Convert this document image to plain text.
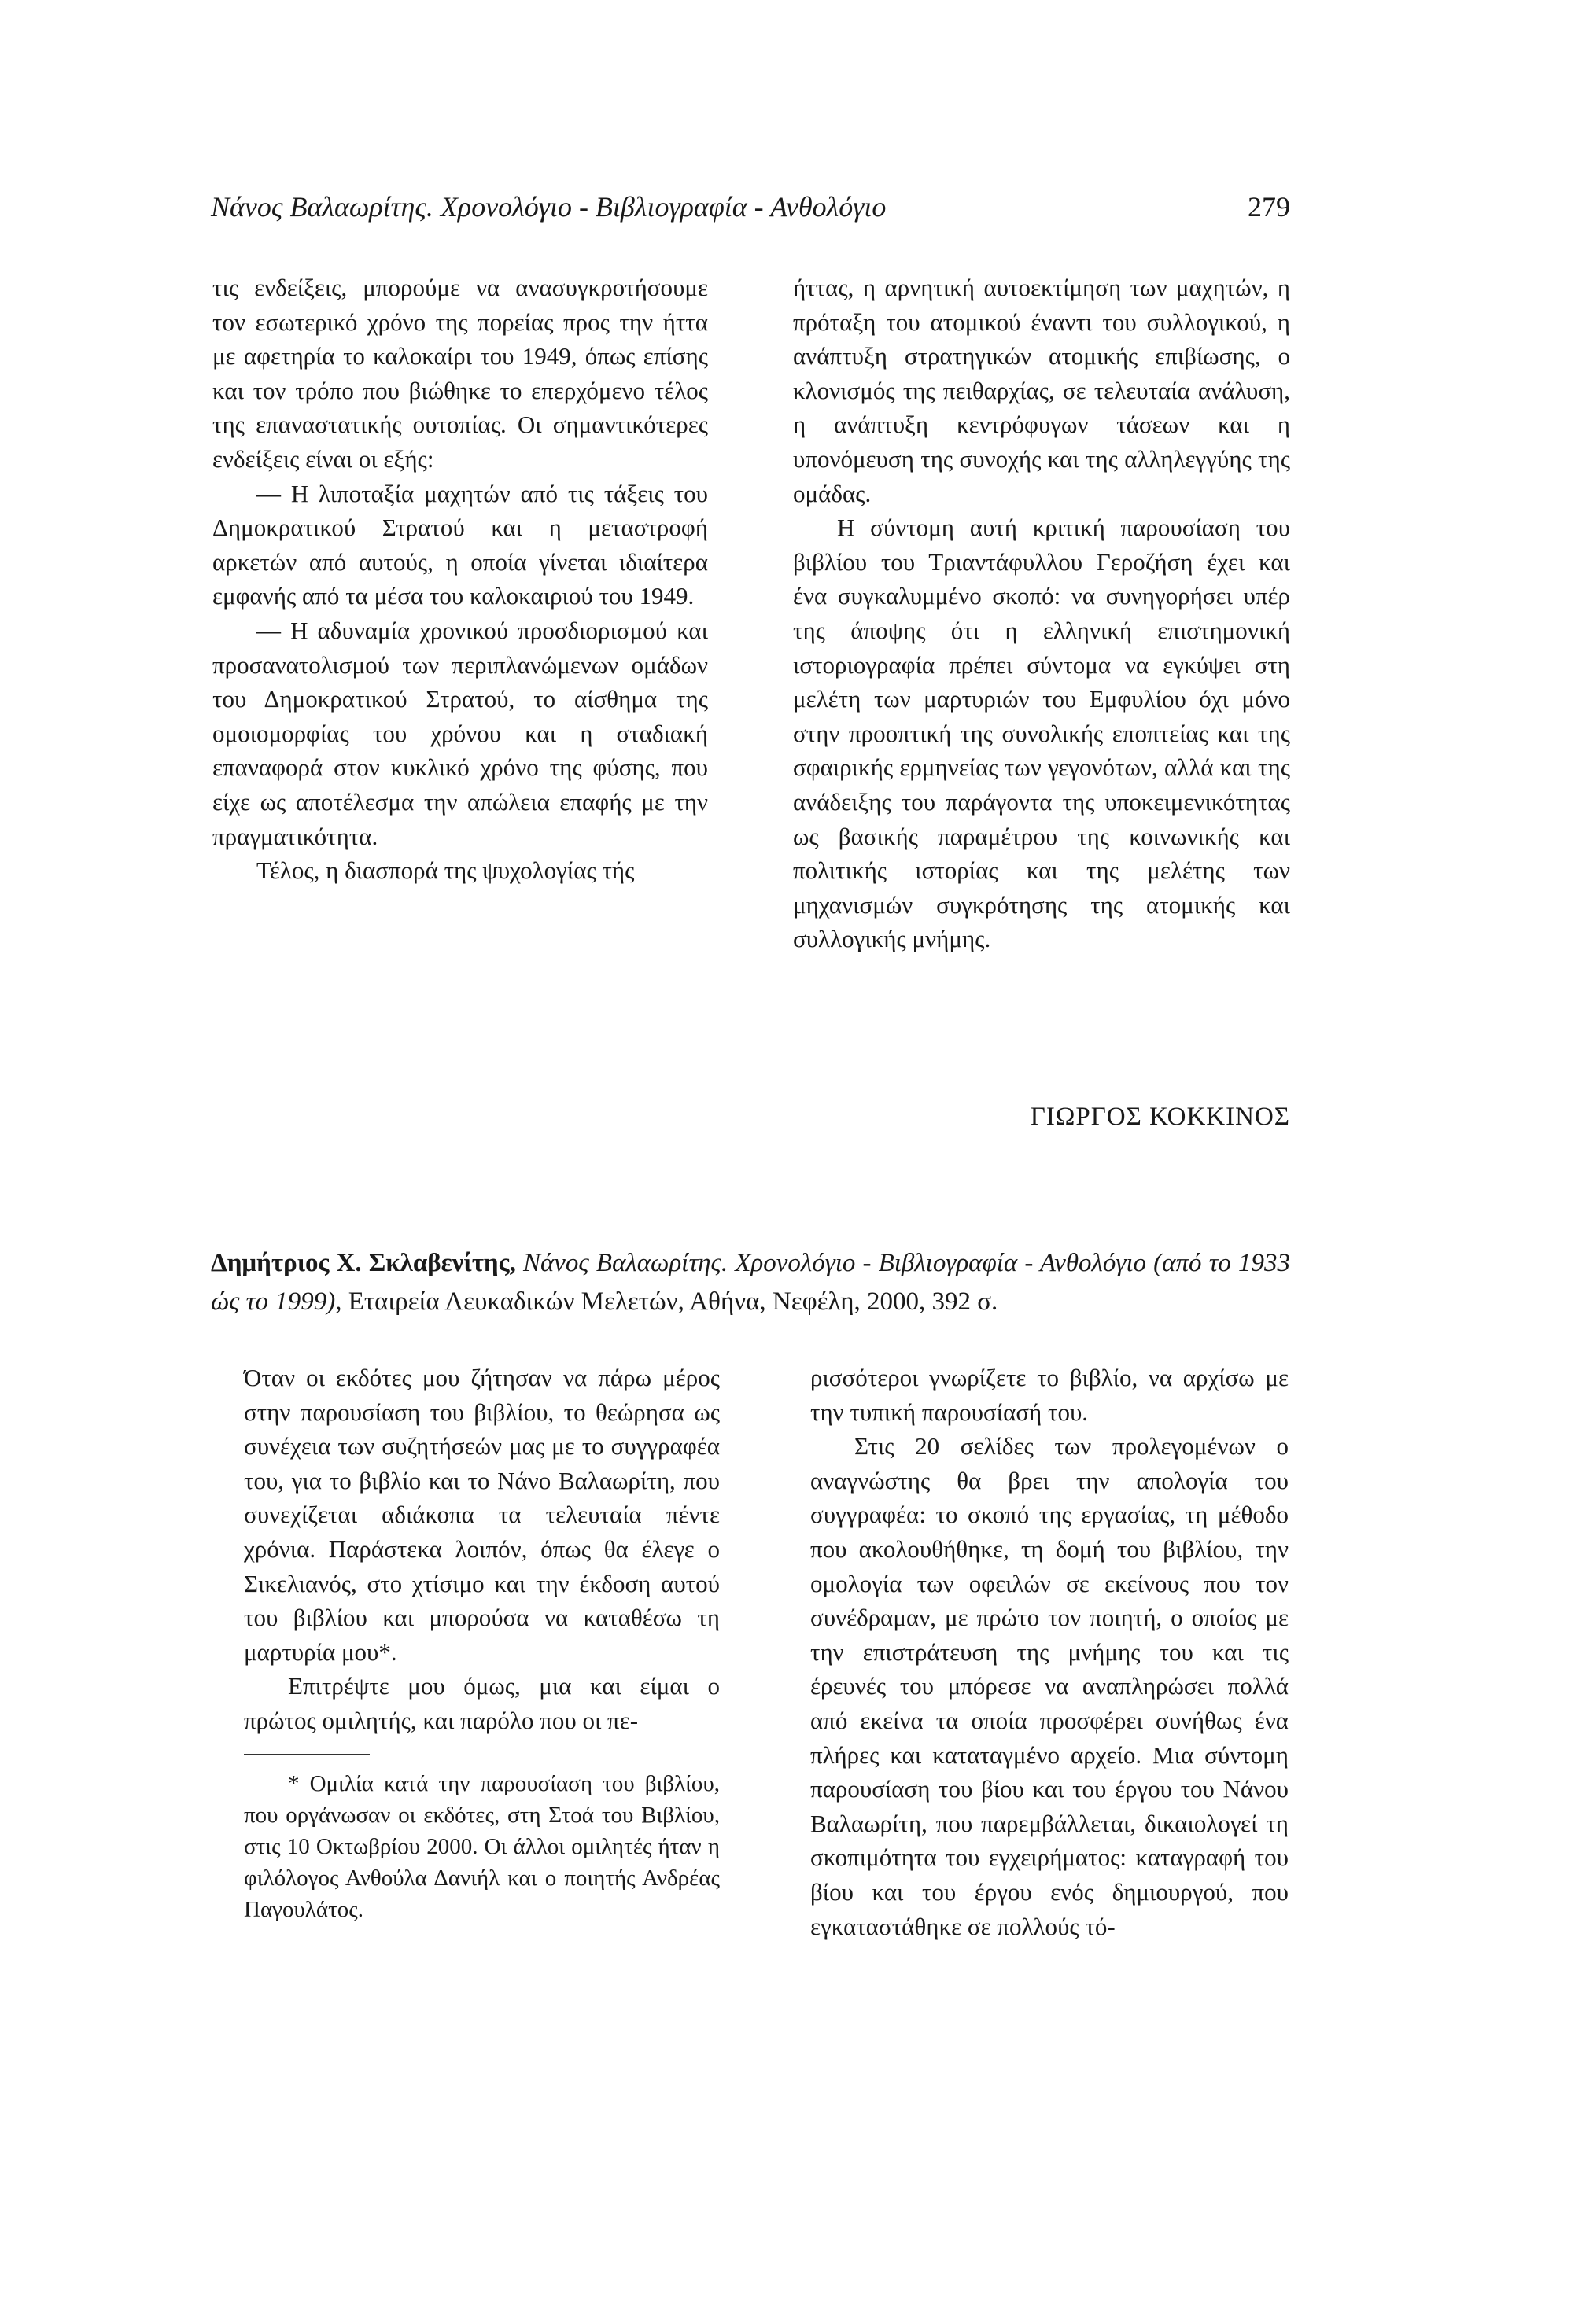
Νάνος Βαλαωρίτης. Χρονολόγιο - Βιβλιογραφία - Ανθολόγιο	279

τις ενδείξεις, μπορούμε να ανασυγκροτήσουμε τον εσωτερικό χρόνο της πορείας προς την ήττα με αφετηρία το καλοκαίρι του 1949, όπως επίσης και τον τρόπο που βιώθηκε το επερχόμενο τέλος της επαναστατικής ουτοπίας. Οι σημαντικότερες ενδείξεις είναι οι εξής:

— Η λιποταξία μαχητών από τις τάξεις του Δημοκρατικού Στρατού και η μεταστροφή αρκετών από αυτούς, η οποία γίνεται ιδιαίτερα εμφανής από τα μέσα του καλοκαιριού του 1949.

— Η αδυναμία χρονικού προσδιορισμού και προσανατολισμού των περιπλανώμενων ομάδων του Δημοκρατικού Στρατού, το αίσθημα της ομοιομορφίας του χρόνου και η σταδιακή επαναφορά στον κυκλικό χρόνο της φύσης, που είχε ως αποτέλεσμα την απώλεια επαφής με την πραγματικότητα.

Τέλος, η διασπορά της ψυχολογίας τής

ήττας, η αρνητική αυτοεκτίμηση των μαχητών, η πρόταξη του ατομικού έναντι του συλλογικού, η ανάπτυξη στρατηγικών ατομικής επιβίωσης, ο κλονισμός της πειθαρχίας, σε τελευταία ανάλυση, η ανάπτυξη κεντρόφυγων τάσεων και η υπονόμευση της συνοχής και της αλληλεγγύης της ομάδας.

Η σύντομη αυτή κριτική παρουσίαση του βιβλίου του Τριαντάφυλλου Γεροζήση έχει και ένα συγκαλυμμένο σκοπό: να συνηγορήσει υπέρ της άποψης ότι η ελληνική επιστημονική ιστοριογραφία πρέπει σύντομα να εγκύψει στη μελέτη των μαρτυριών του Εμφυλίου όχι μόνο στην προοπτική της συνολικής εποπτείας και της σφαιρικής ερμηνείας των γεγονότων, αλλά και της ανάδειξης του παράγοντα της υποκειμενικότητας ως βασικής παραμέτρου της κοινωνικής και πολιτικής ιστορίας και της μελέτης των μηχανισμών συγκρότησης της ατομικής και συλλογικής μνήμης.

ΓΙΩΡΓΟΣ ΚΟΚΚΙΝΟΣ
Δημήτριος Χ. Σκλαβενίτης, Νάνος Βαλαωρίτης. Χρονολόγιο - Βιβλιογραφία - Ανθολόγιο (από το 1933 ώς το 1999), Εταιρεία Λευκαδικών Μελετών, Αθήνα, Νεφέλη, 2000, 392 σ.

Όταν οι εκδότες μου ζήτησαν να πάρω μέρος στην παρουσίαση του βιβλίου, το θεώρησα ως συνέχεια των συζητήσεών μας με το συγγραφέα του, για το βιβλίο και το Νάνο Βαλαωρίτη, που συνεχίζεται αδιάκοπα τα τελευταία πέντε χρόνια. Παράστεκα λοιπόν, όπως θα έλεγε ο Σικελιανός, στο χτίσιμο και την έκδοση αυτού του βιβλίου και μπορούσα να καταθέσω τη μαρτυρία μου*.

Επιτρέψτε μου όμως, μια και είμαι ο πρώτος ομιλητής, και παρόλο που οι πε-

* Ομιλία κατά την παρουσίαση του βιβλίου, που οργάνωσαν οι εκδότες, στη Στοά του Βιβλίου, στις 10 Οκτωβρίου 2000. Οι άλλοι ομιλητές ήταν η φιλόλογος Ανθούλα Δανιήλ και ο ποιητής Ανδρέας Παγουλάτος.

ρισσότεροι γνωρίζετε το βιβλίο, να αρχίσω με την τυπική παρουσίασή του.

Στις 20 σελίδες των προλεγομένων ο αναγνώστης θα βρει την απολογία του συγγραφέα: το σκοπό της εργασίας, τη μέθοδο που ακολουθήθηκε, τη δομή του βιβλίου, την ομολογία των οφειλών σε εκείνους που τον συνέδραμαν, με πρώτο τον ποιητή, ο οποίος με την επιστράτευση της μνήμης του και τις έρευνές του μπόρεσε να αναπληρώσει πολλά από εκείνα τα οποία προσφέρει συνήθως ένα πλήρες και καταταγμένο αρχείο. Μια σύντομη παρουσίαση του βίου και του έργου του Νάνου Βαλαωρίτη, που παρεμβάλλεται, δικαιολογεί τη σκοπιμότητα του εγχειρήματος: καταγραφή του βίου και του έργου ενός δημιουργού, που εγκαταστάθηκε σε πολλούς τό-
